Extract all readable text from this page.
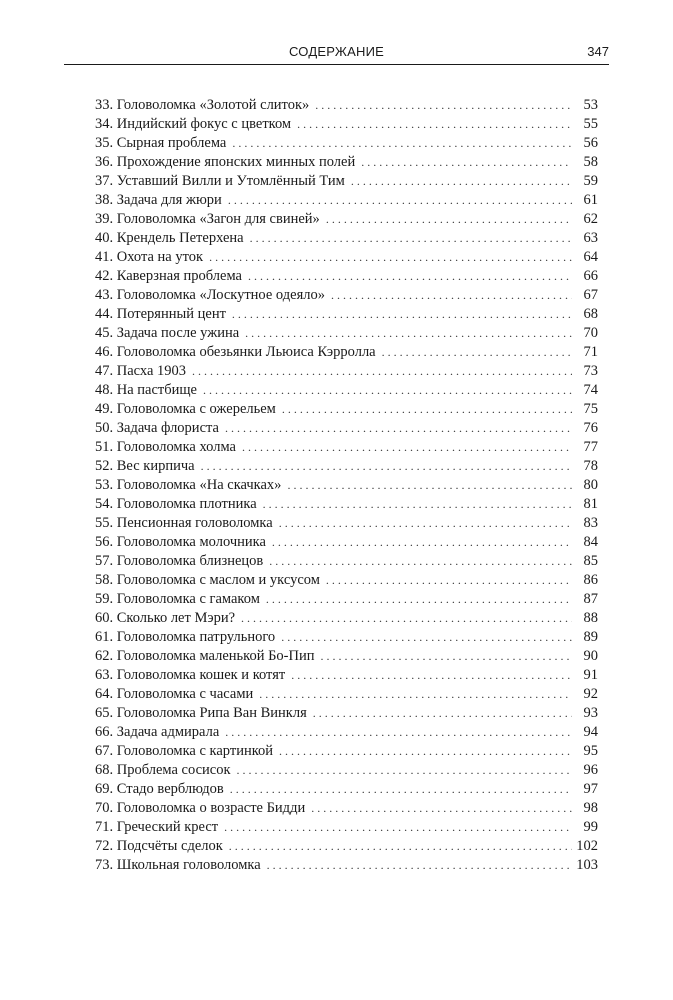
СОДЕРЖАНИЕ	347
33. Головоломка «Золотой слиток» . . .	53
34. Индийский фокус с цветком . . .	55
35. Сырная проблема . . .	56
36. Прохождение японских минных полей . . .	58
37. Уставший Вилли и Утомлённый Тим . . .	59
38. Задача для жюри . . .	61
39. Головоломка «Загон для свиней» . . .	62
40. Крендель Петерхена . . .	63
41. Охота на уток . . .	64
42. Каверзная проблема . . .	66
43. Головоломка «Лоскутное одеяло» . . .	67
44. Потерянный цент . . .	68
45. Задача после ужина . . .	70
46. Головоломка обезьянки Льюиса Кэрролла . . .	71
47. Пасха 1903 . . .	73
48. На пастбище . . .	74
49. Головоломка с ожерельем . . .	75
50. Задача флориста . . .	76
51. Головоломка холма . . .	77
52. Вес кирпича . . .	78
53. Головоломка «На скачках» . . .	80
54. Головоломка плотника . . .	81
55. Пенсионная головоломка . . .	83
56. Головоломка молочника . . .	84
57. Головоломка близнецов . . .	85
58. Головоломка с маслом и уксусом . . .	86
59. Головоломка с гамаком . . .	87
60. Сколько лет Мэри? . . .	88
61. Головоломка патрульного . . .	89
62. Головоломка маленькой Бо-Пип . . .	90
63. Головоломка кошек и котят . . .	91
64. Головоломка с часами . . .	92
65. Головоломка Рипа Ван Винкля . . .	93
66. Задача адмирала . . .	94
67. Головоломка с картинкой . . .	95
68. Проблема сосисок . . .	96
69. Стадо верблюдов . . .	97
70. Головоломка о возрасте Бидди . . .	98
71. Греческий крест . . .	99
72. Подсчёты сделок . . .	102
73. Школьная головоломка . . .	103
